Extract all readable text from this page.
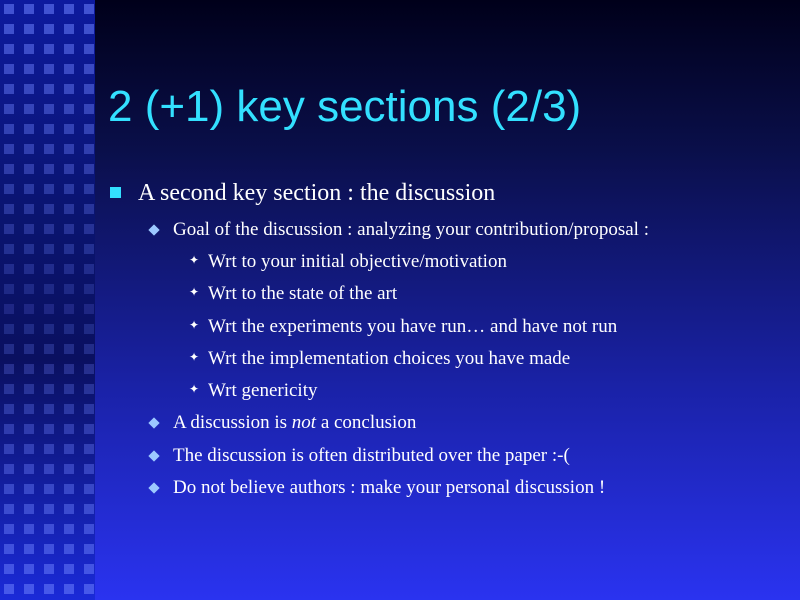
2 (+1) key sections (2/3)
A second key section : the discussion
Goal of the discussion : analyzing your contribution/proposal :
✦ Wrt to your initial objective/motivation
✦ Wrt to the state of the art
✦ Wrt the experiments you have run… and have not run
✦ Wrt the implementation choices you have made
✦ Wrt genericity
A discussion is not a conclusion
The discussion is often distributed over the paper :-(
Do not believe authors : make your personal discussion !
